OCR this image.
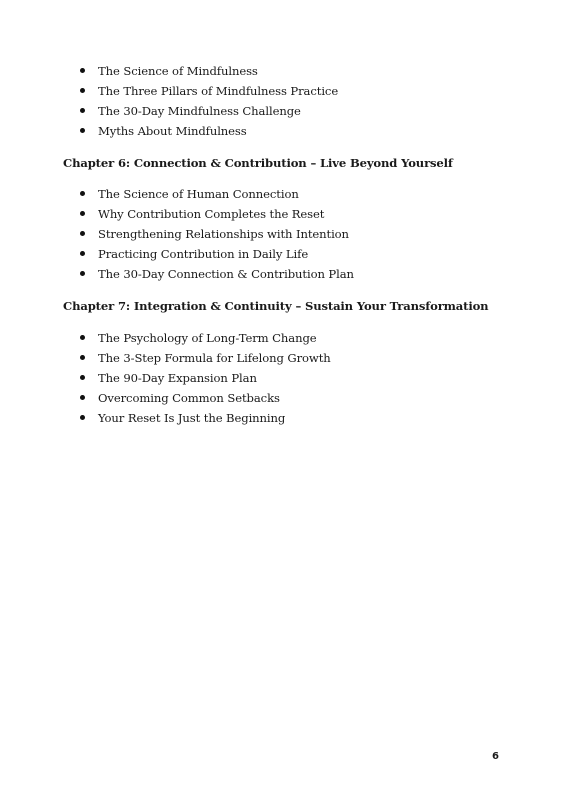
The Science of Mindfulness
The Three Pillars of Mindfulness Practice
The 30-Day Mindfulness Challenge
Myths About Mindfulness
Chapter 6: Connection & Contribution – Live Beyond Yourself
The Science of Human Connection
Why Contribution Completes the Reset
Strengthening Relationships with Intention
Practicing Contribution in Daily Life
The 30-Day Connection & Contribution Plan
Chapter 7: Integration & Continuity – Sustain Your Transformation
The Psychology of Long-Term Change
The 3-Step Formula for Lifelong Growth
The 90-Day Expansion Plan
Overcoming Common Setbacks
Your Reset Is Just the Beginning
6
